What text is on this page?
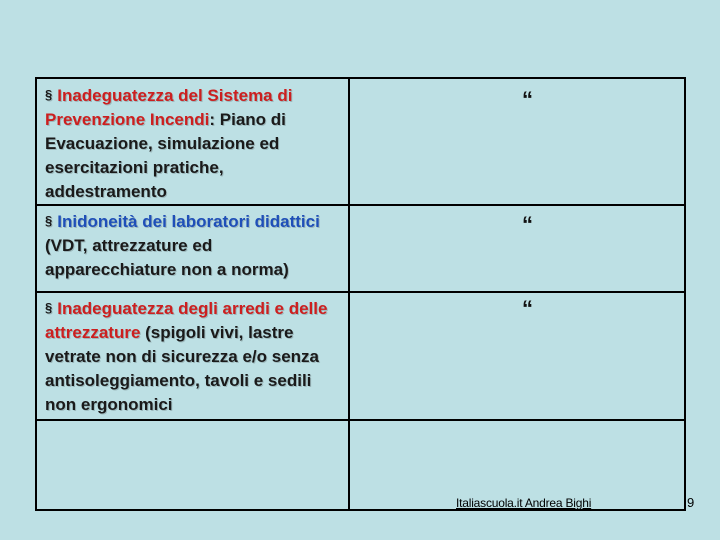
§ Inadeguatezza del Sistema di Prevenzione Incendi: Piano di Evacuazione, simulazione ed esercitazioni pratiche, addestramento
“
§ Inidoneità dei laboratori didattici (VDT, attrezzature ed apparecchiature non a norma)
“
§ Inadeguatezza degli arredi e delle attrezzature (spigoli vivi, lastre vetrate non di sicurezza e/o senza antisoleggiamento, tavoli e sedili non ergonomici
“
Italiascuola.it Andrea Bighi	9
